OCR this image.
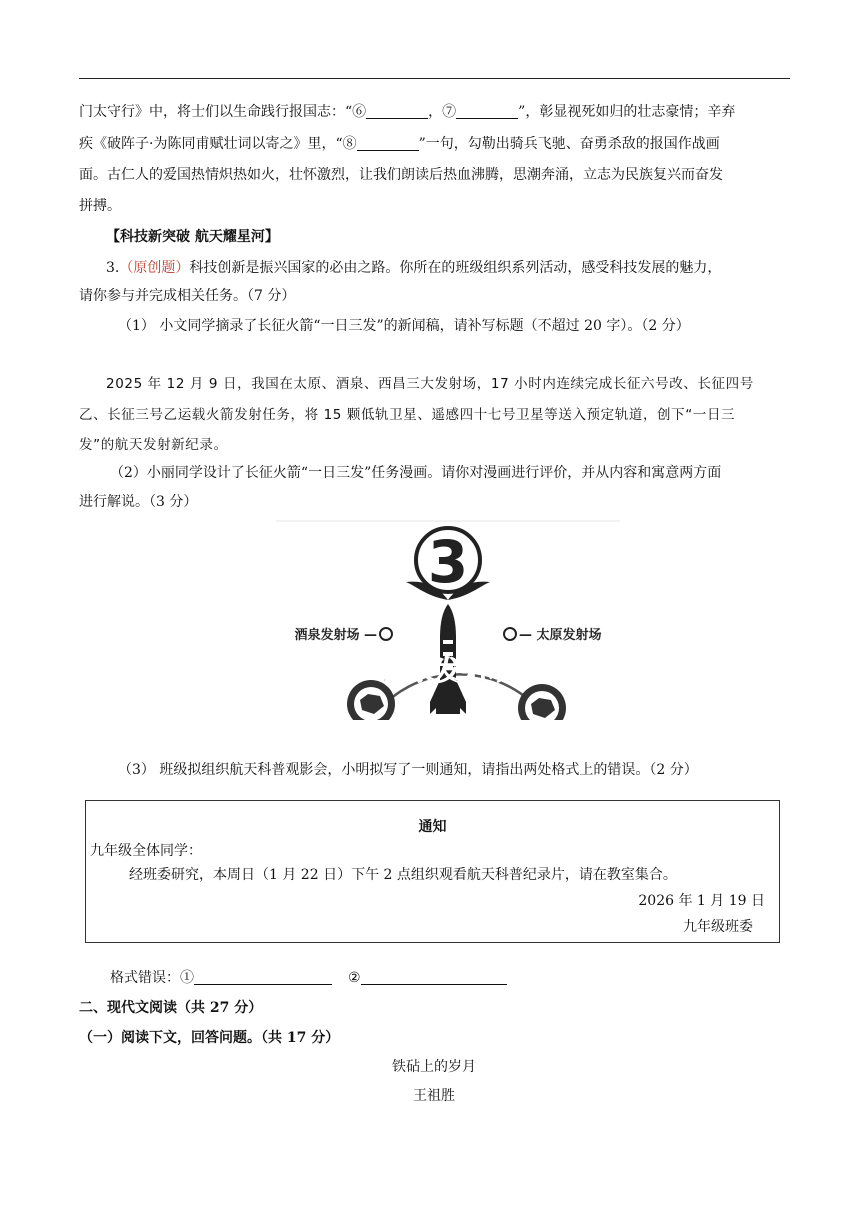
门太守行》中，将士们以生命践行报国志：“⑥	，⑦	”，彰显视死如归的壮志豪情；辛弃
疾《破阵子·为陈同甫赋壮词以寄之》里，“⑧	”一句，勾勒出骑兵飞驰、奋勇杀敌的报国作战画
面。古仁人的爱国热情炽热如火，壮怀激烈，让我们朗读后热血沸腾，思潮奔涌，立志为民族复兴而奋发
拼搏。
【科技新突破 航天耀星河】
3.（原创题）科技创新是振兴国家的必由之路。你所在的班级组织系列活动，感受科技发展的魅力，
请你参与并完成相关任务。（7 分）
（1） 小文同学摘录了长征火箭“一日三发”的新闻稿，请补写标题（不超过 20 字）。（2 分）
2025 年 12 月 9 日，我国在太原、酒泉、西昌三大发射场，17 小时内连续完成长征六号改、长征四号
乙、长征三号乙运载火箭发射任务，将 15 颗低轨卫星、遥感四十七号卫星等送入预定轨道，创下“一日三
发”的航天发射新纪录。
（2）小丽同学设计了长征火箭“一日三发”任务漫画。请你对漫画进行评价，并从内容和寓意两方面
进行解说。（3 分）
3
酒泉发射场 —	— 太原发射场
酒泉发射场
（3） 班级拟组织航天科普观影会，小明拟写了一则通知，请指出两处格式上的错误。（2 分）
通知
九年级全体同学：
经班委研究，本周日（1 月 22 日）下午 2 点组织观看航天科普纪录片，请在教室集合。
2026 年 1 月 19 日
九年级班委
格式错误：①	②
二、现代文阅读（共 27 分）
（一）阅读下文，回答问题。（共 17 分）
铁砧上的岁月
王祖胜
